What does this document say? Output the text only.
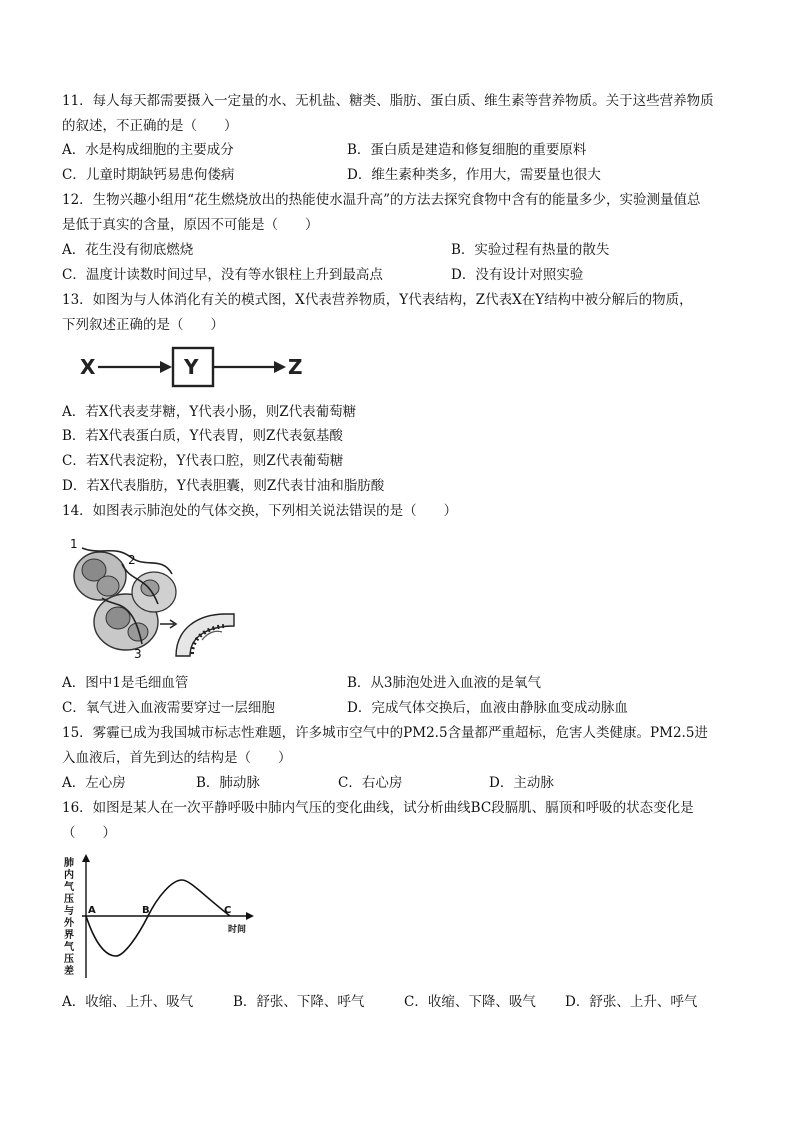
11．每人每天都需要摄入一定量的水、无机盐、糖类、脂肪、蛋白质、维生素等营养物质。关于这些营养物质
的叙述，不正确的是（　　）
A．水是构成细胞的主要成分	B．蛋白质是建造和修复细胞的重要原料
C．儿童时期缺钙易患佝偻病	D．维生素种类多，作用大，需要量也很大
12．生物兴趣小组用“花生燃烧放出的热能使水温升高”的方法去探究食物中含有的能量多少，实验测量值总
是低于真实的含量，原因不可能是（　　）
A．花生没有彻底燃烧	B．实验过程有热量的散失
C．温度计读数时间过早，没有等水银柱上升到最高点	D．没有设计对照实验
13．如图为与人体消化有关的模式图，X代表营养物质，Y代表结构，Z代表X在Y结构中被分解后的物质，
下列叙述正确的是（　　）
X	Y	Z
A．若X代表麦芽糖，Y代表小肠，则Z代表葡萄糖
B．若X代表蛋白质，Y代表胃，则Z代表氨基酸
C．若X代表淀粉，Y代表口腔，则Z代表葡萄糖
D．若X代表脂肪，Y代表胆囊，则Z代表甘油和脂肪酸
14．如图表示肺泡处的气体交换，下列相关说法错误的是（　　）
1
2
3
A．图中1是毛细血管	B．从3肺泡处进入血液的是氧气
C．氧气进入血液需要穿过一层细胞	D．完成气体交换后，血液由静脉血变成动脉血
15．雾霾已成为我国城市标志性难题，许多城市空气中的PM2.5含量都严重超标，危害人类健康。PM2.5进
入血液后，首先到达的结构是（　　）
A．左心房	B．肺动脉	C．右心房	D．主动脉
16．如图是某人在一次平静呼吸中肺内气压的变化曲线，试分析曲线BC段膈肌、膈顶和呼吸的状态变化是
（　　）
肺
内
气
压
与
外
界
气
压
差
A	B	C
时间
A．收缩、上升、吸气	B．舒张、下降、呼气	C．收缩、下降、吸气 D．舒张、上升、呼气
